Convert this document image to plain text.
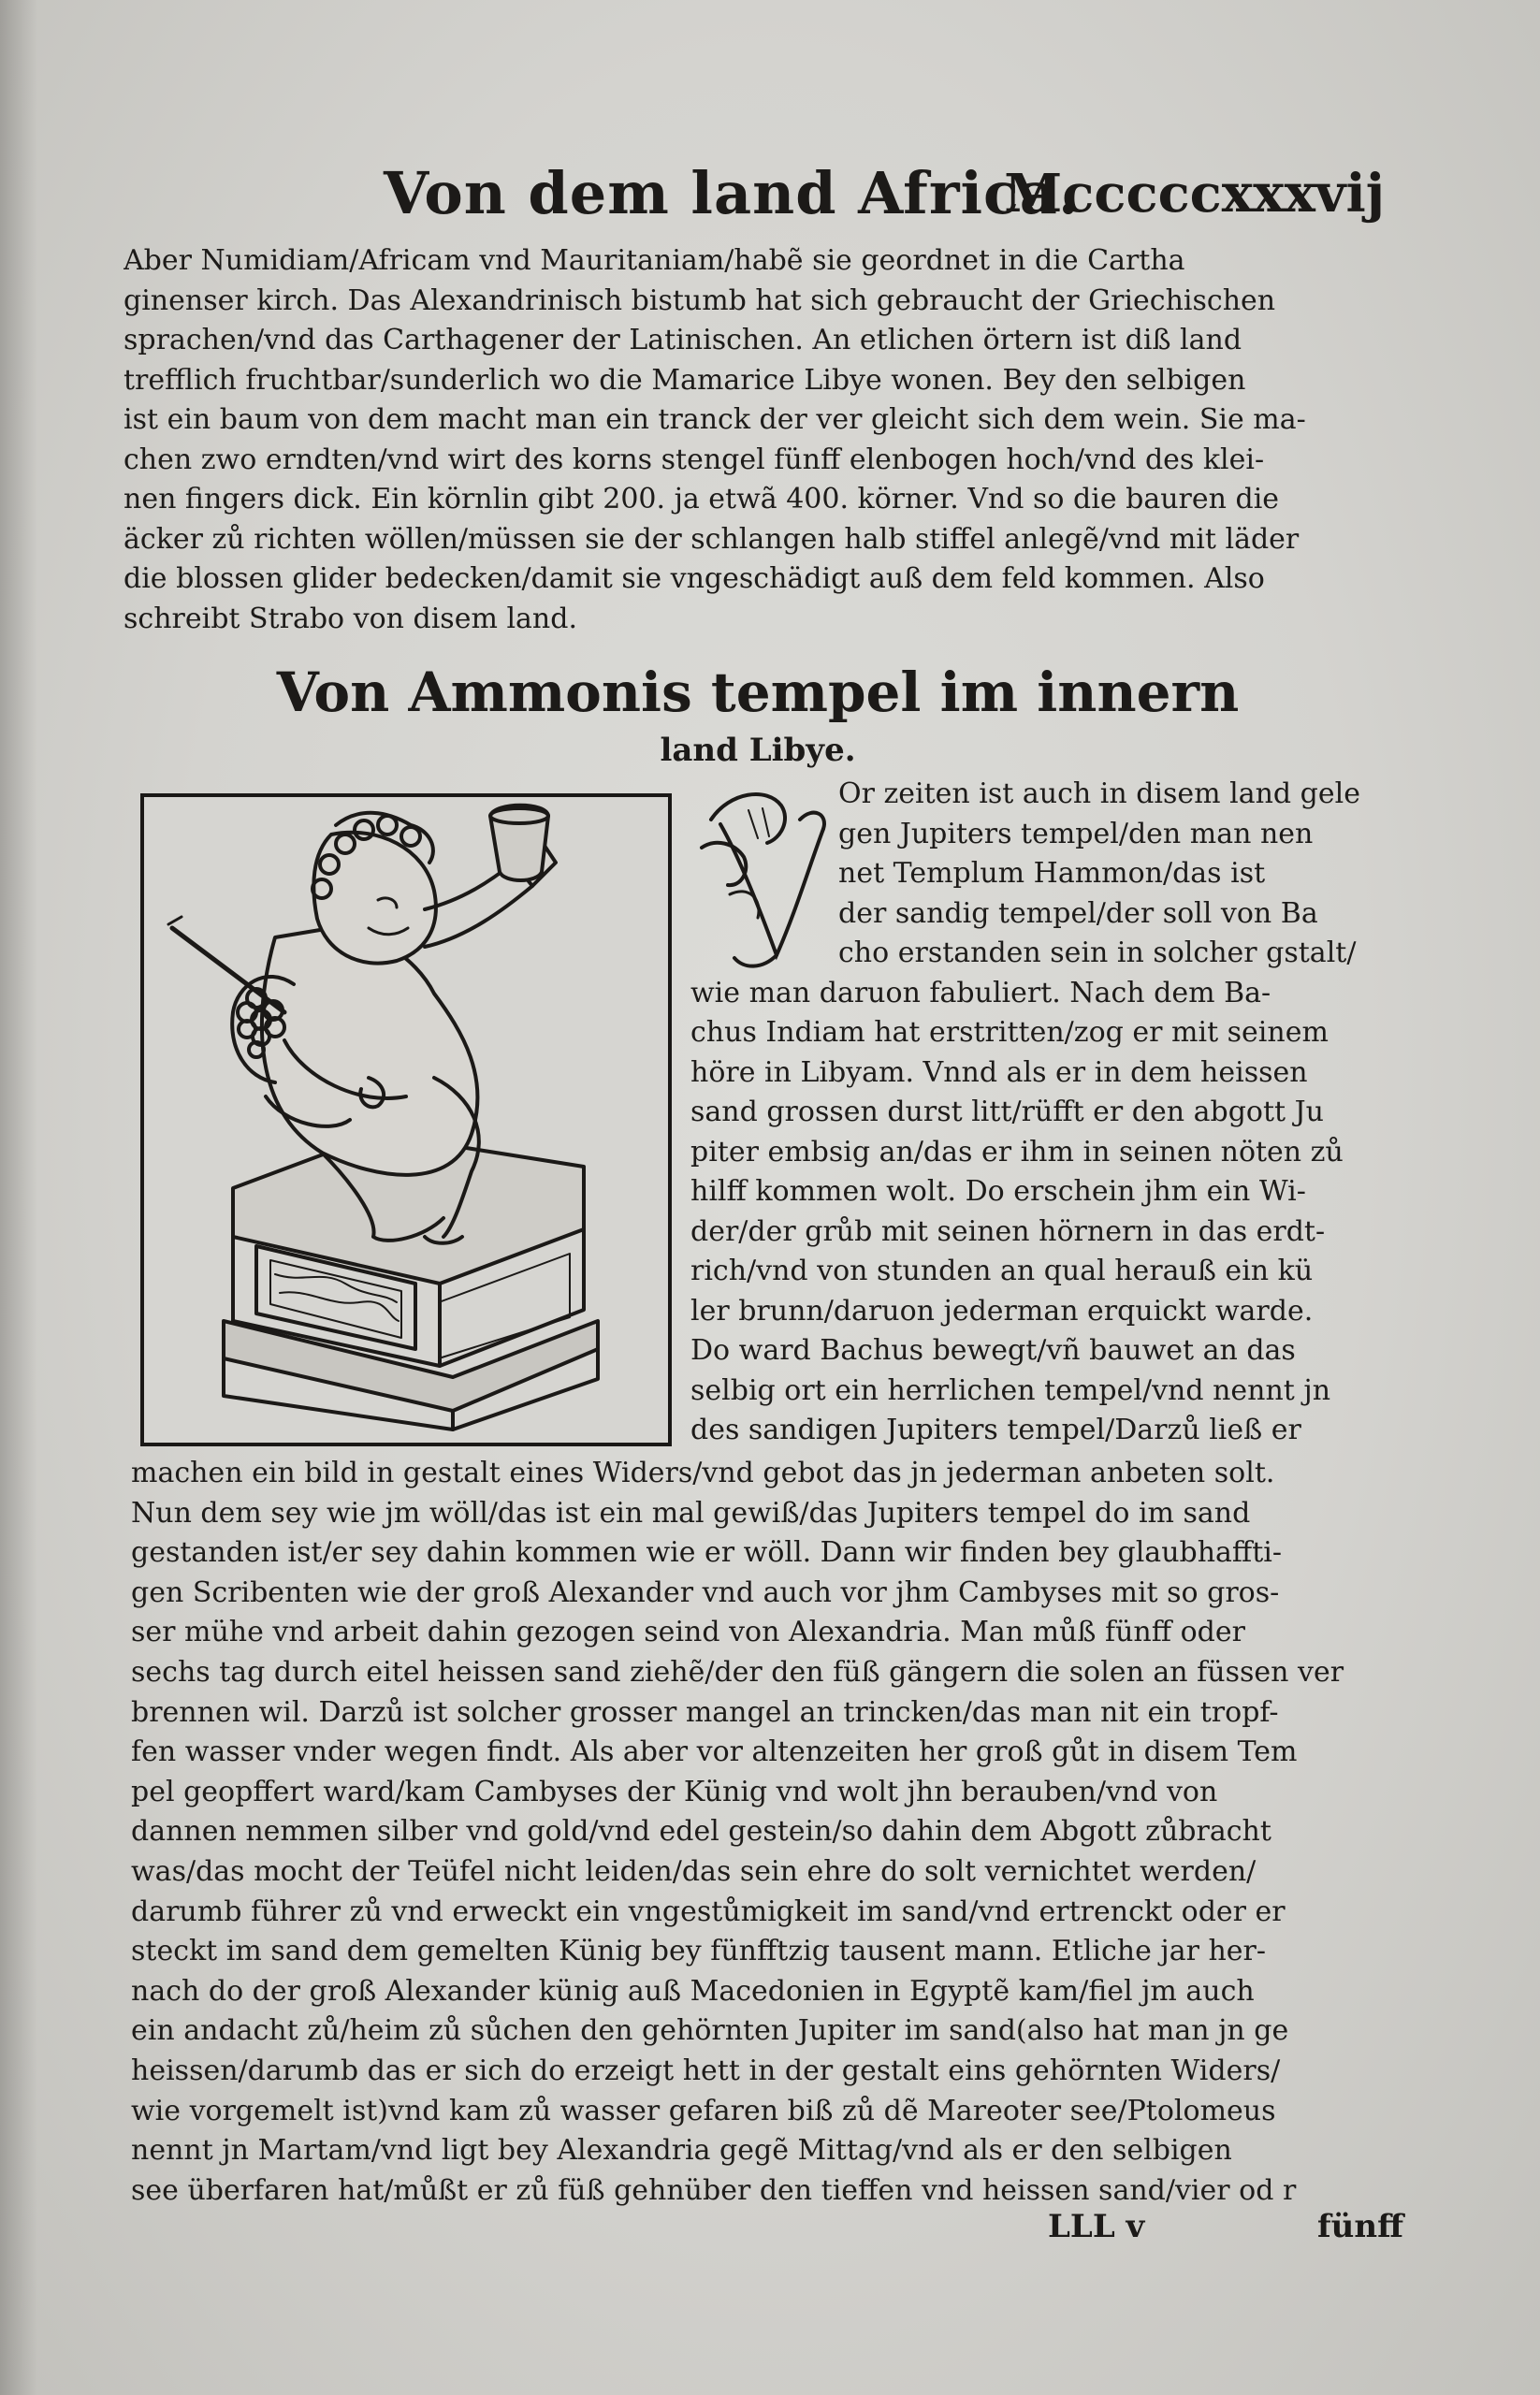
Von dem land Africa.
Mcccccxxxvij
Aber Numidiam/Africam vnd Mauritaniam/habẽ sie geordnet in die Cartha
ginenser kirch. Das Alexandrinisch bistumb hat sich gebraucht der Griechischen
sprachen/vnd das Carthagener der Latinischen. An etlichen örtern ist diß land
trefflich fruchtbar/sunderlich wo die Mamarice Libye wonen. Bey den selbigen
ist ein baum von dem macht man ein tranck der ver gleicht sich dem wein. Sie ma-
chen zwo erndten/vnd wirt des korns stengel fünff elenbogen hoch/vnd des klei-
nen fingers dick. Ein körnlin gibt 200. ja etwã 400. körner. Vnd so die bauren die
äcker zů richten wöllen/müssen sie der schlangen halb stiffel anlegẽ/vnd mit läder
die blossen glider bedecken/damit sie vngeschädigt auß dem feld kommen. Also
schreibt Strabo von disem land.
Von Ammonis tempel im innern
land Libye.
Or zeiten ist auch in disem land gele
gen Jupiters tempel/den man nen
net Templum Hammon/das ist
der sandig tempel/der soll von Ba
cho erstanden sein in solcher gstalt/
wie man daruon fabuliert. Nach dem Ba-
chus Indiam hat erstritten/zog er mit seinem
höre in Libyam. Vnnd als er in dem heissen
sand grossen durst litt/rüfft er den abgott Ju
piter embsig an/das er ihm in seinen nöten zů
hilff kommen wolt. Do erschein jhm ein Wi-
der/der grůb mit seinen hörnern in das erdt-
rich/vnd von stunden an qual herauß ein kü
ler brunn/daruon jederman erquickt warde.
Do ward Bachus bewegt/vñ bauwet an das
selbig ort ein herrlichen tempel/vnd nennt jn
des sandigen Jupiters tempel/Darzů ließ er
machen ein bild in gestalt eines Widers/vnd gebot das jn jederman anbeten solt.
Nun dem sey wie jm wöll/das ist ein mal gewiß/das Jupiters tempel do im sand
gestanden ist/er sey dahin kommen wie er wöll. Dann wir finden bey glaubhaffti-
gen Scribenten wie der groß Alexander vnd auch vor jhm Cambyses mit so gros-
ser mühe vnd arbeit dahin gezogen seind von Alexandria. Man můß fünff oder
sechs tag durch eitel heissen sand ziehẽ/der den füß gängern die solen an füssen ver
brennen wil. Darzů ist solcher grosser mangel an trincken/das man nit ein tropf-
fen wasser vnder wegen findt. Als aber vor altenzeiten her groß gůt in disem Tem
pel geopffert ward/kam Cambyses der Künig vnd wolt jhn berauben/vnd von
dannen nemmen silber vnd gold/vnd edel gestein/so dahin dem Abgott zůbracht
was/das mocht der Teüfel nicht leiden/das sein ehre do solt vernichtet werden/
darumb führer zů vnd erweckt ein vngestůmigkeit im sand/vnd ertrenckt oder er
steckt im sand dem gemelten Künig bey fünfftzig tausent mann. Etliche jar her-
nach do der groß Alexander künig auß Macedonien in Egyptẽ kam/fiel jm auch
ein andacht zů/heim zů sůchen den gehörnten Jupiter im sand(also hat man jn ge
heissen/darumb das er sich do erzeigt hett in der gestalt eins gehörnten Widers/
wie vorgemelt ist)vnd kam zů wasser gefaren biß zů dẽ Mareoter see/Ptolomeus
nennt jn Martam/vnd ligt bey Alexandria gegẽ Mittag/vnd als er den selbigen
see überfaren hat/můßt er zů füß gehnüber den tieffen vnd heissen sand/vier od r
LLL v	fünff
